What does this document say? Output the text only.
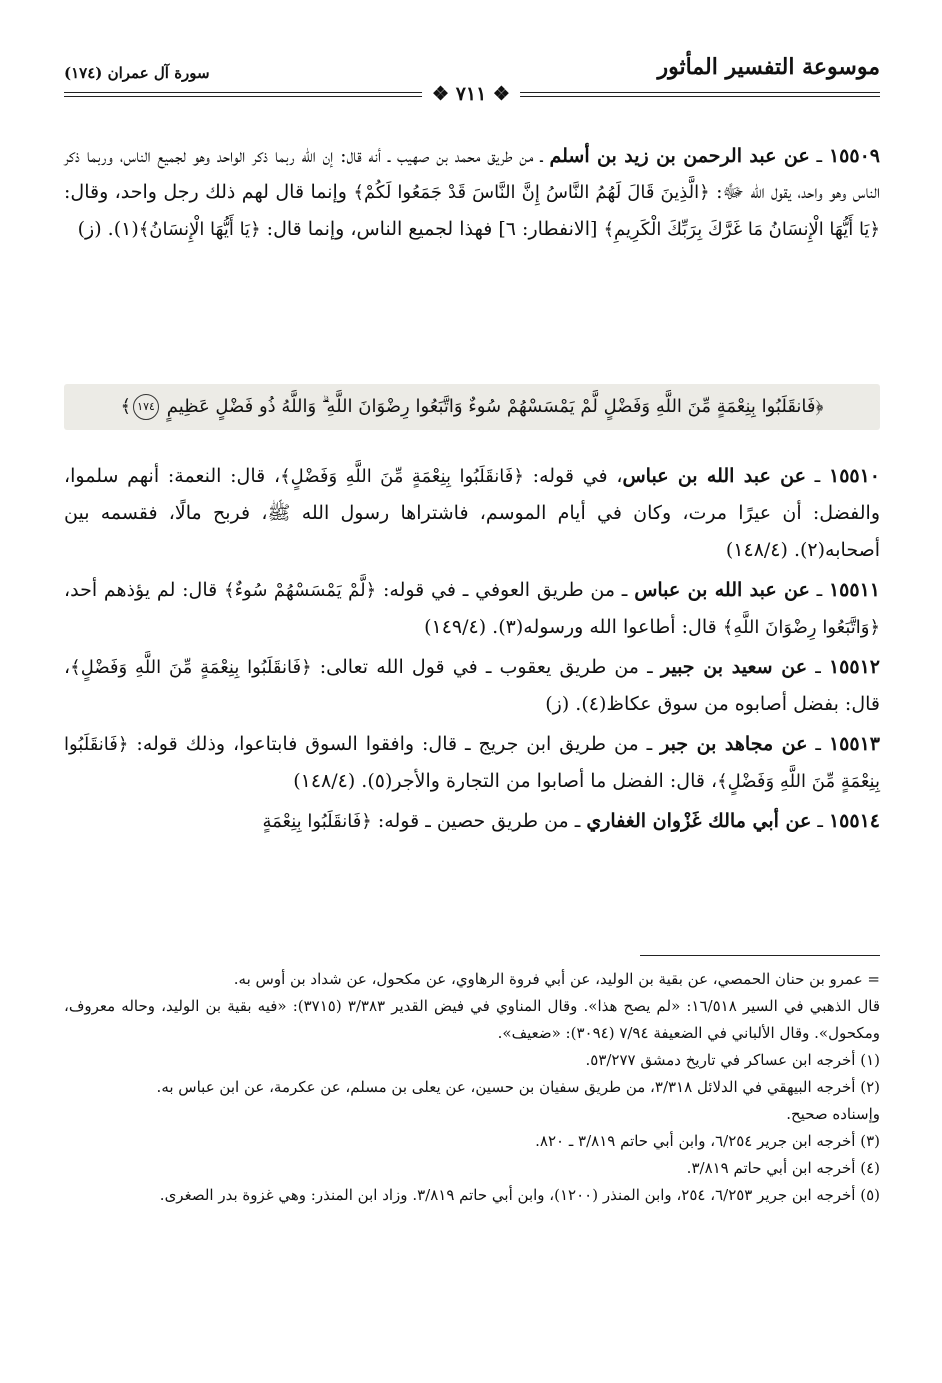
موسوعة التفسير المأثور
سورة آل عمران (١٧٤)
❖ ٧١١ ❖

١٥٥٠٩ ـ عن عبد الرحمن بن زيد بن أسلم ـ من طريق محمد بن صهيب ـ أنه قال: إن الله ربما ذكر الواحد وهو لجميع الناس، وربما ذكر الناس وهو واحد، يقول الله ﷻ: ﴿الَّذِينَ قَالَ لَهُمُ النَّاسُ إِنَّ النَّاسَ قَدْ جَمَعُوا لَكُمْ﴾ وإنما قال لهم ذلك رجل واحد، وقال: ﴿يَا أَيُّهَا الْإِنسَانُ مَا غَرَّكَ بِرَبِّكَ الْكَرِيمِ﴾ [الانفطار: ٦] فهذا لجميع الناس، وإنما قال: ﴿يَا أَيُّهَا الْإِنسَانُ﴾(١). (ز)

﴿فَانقَلَبُوا بِنِعْمَةٍ مِّنَ اللَّهِ وَفَضْلٍ لَّمْ يَمْسَسْهُمْ سُوءٌ وَاتَّبَعُوا رِضْوَانَ اللَّهِ ۗ وَاللَّهُ ذُو فَضْلٍ عَظِيمٍ ١٧٤﴾

١٥٥١٠ ـ عن عبد الله بن عباس، في قوله: ﴿فَانقَلَبُوا بِنِعْمَةٍ مِّنَ اللَّهِ وَفَضْلٍ﴾، قال: النعمة: أنهم سلموا، والفضل: أن عيرًا مرت، وكان في أيام الموسم، فاشتراها رسول الله ﷺ، فربح مالًا، فقسمه بين أصحابه(٢). (١٤٨/٤)

١٥٥١١ ـ عن عبد الله بن عباس ـ من طريق العوفي ـ في قوله: ﴿لَّمْ يَمْسَسْهُمْ سُوءٌ﴾ قال: لم يؤذهم أحد، ﴿وَاتَّبَعُوا رِضْوَانَ اللَّهِ﴾ قال: أطاعوا الله ورسوله(٣). (١٤٩/٤)

١٥٥١٢ ـ عن سعيد بن جبير ـ من طريق يعقوب ـ في قول الله تعالى: ﴿فَانقَلَبُوا بِنِعْمَةٍ مِّنَ اللَّهِ وَفَضْلٍ﴾، قال: بفضل أصابوه من سوق عكاظ(٤). (ز)

١٥٥١٣ ـ عن مجاهد بن جبر ـ من طريق ابن جريج ـ قال: وافقوا السوق فابتاعوا، وذلك قوله: ﴿فَانقَلَبُوا بِنِعْمَةٍ مِّنَ اللَّهِ وَفَضْلٍ﴾، قال: الفضل ما أصابوا من التجارة والأجر(٥). (١٤٨/٤)

١٥٥١٤ ـ عن أبي مالك غَزْوان الغفاري ـ من طريق حصين ـ قوله: ﴿فَانقَلَبُوا بِنِعْمَةٍ

= عمرو بن حنان الحمصي، عن بقية بن الوليد، عن أبي فروة الرهاوي، عن مكحول، عن شداد بن أوس به.

قال الذهبي في السير ١٦/٥١٨: «لم يصح هذا». وقال المناوي في فيض القدير ٣/٣٨٣ (٣٧١٥): «فيه بقية بن الوليد، وحاله معروف، ومكحول». وقال الألباني في الضعيفة ٧/٩٤ (٣٠٩٤): «ضعيف».

(١) أخرجه ابن عساكر في تاريخ دمشق ٥٣/٢٧٧.

(٢) أخرجه البيهقي في الدلائل ٣/٣١٨، من طريق سفيان بن حسين، عن يعلى بن مسلم، عن عكرمة، عن ابن عباس به.

وإسناده صحيح.

(٣) أخرجه ابن جرير ٦/٢٥٤، وابن أبي حاتم ٣/٨١٩ ـ ٨٢٠.

(٤) أخرجه ابن أبي حاتم ٣/٨١٩.

(٥) أخرجه ابن جرير ٦/٢٥٣، ٢٥٤، وابن المنذر (١٢٠٠)، وابن أبي حاتم ٣/٨١٩. وزاد ابن المنذر: وهي غزوة بدر الصغرى.
